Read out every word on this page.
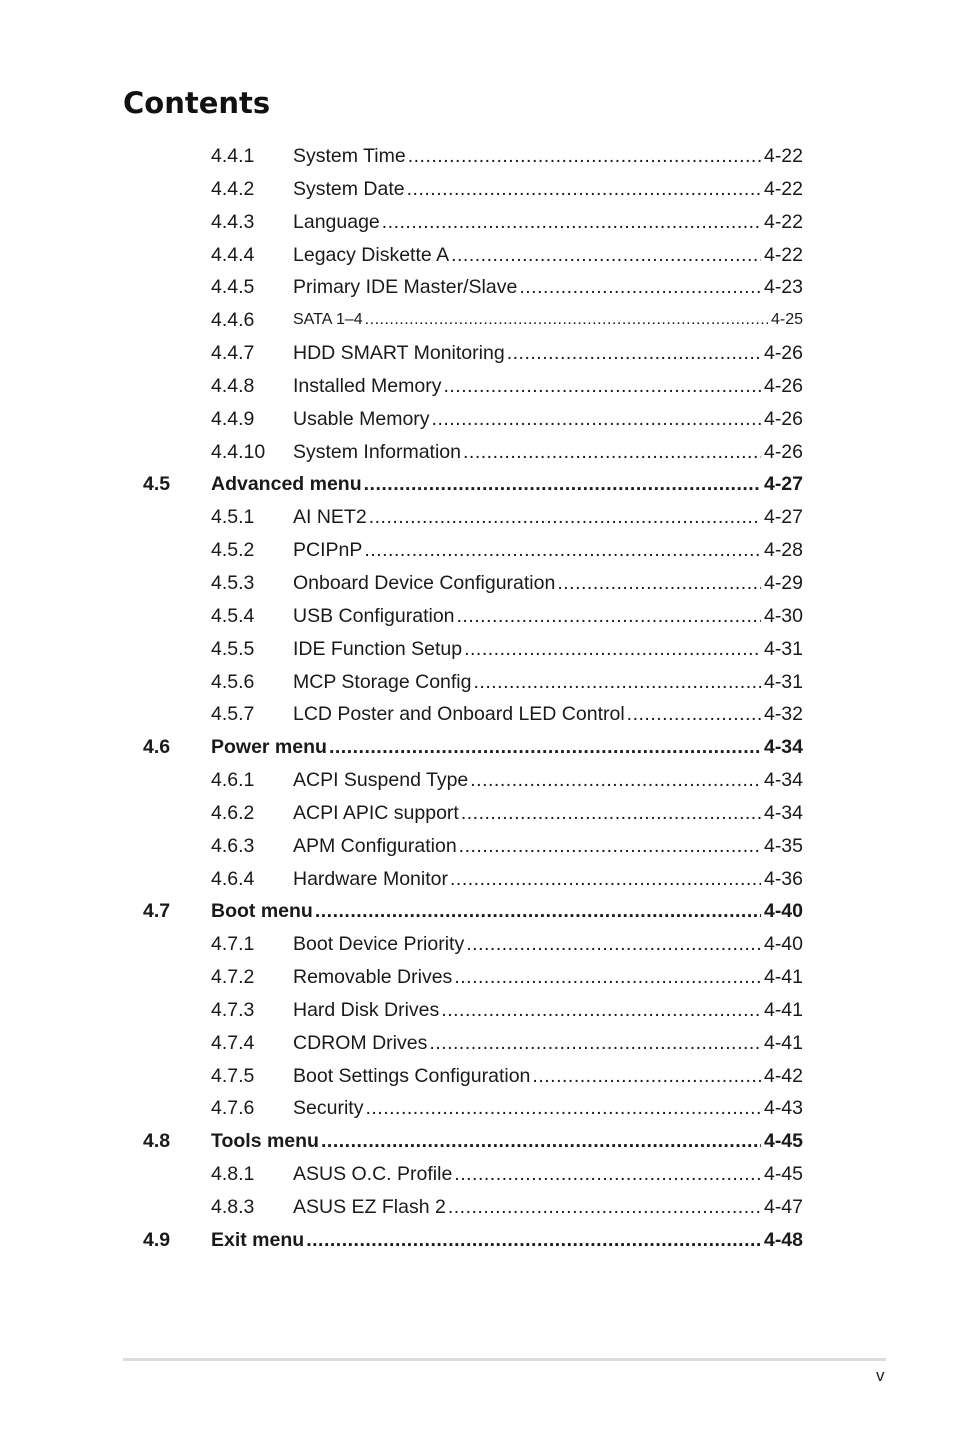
Contents
4.4.1 System Time .....	4-22
4.4.2 System Date .....	4-22
4.4.3 Language .....	4-22
4.4.4 Legacy Diskette A .....	4-22
4.4.5 Primary IDE Master/Slave .....	4-23
4.4.6 SATA 1–4 .....	4-25
4.4.7 HDD SMART Monitoring .....	4-26
4.4.8 Installed Memory .....	4-26
4.4.9 Usable Memory .....	4-26
4.4.10 System Information .....	4-26
4.5 Advanced menu .....	4-27
4.5.1 AI NET2 .....	4-27
4.5.2 PCIPnP .....	4-28
4.5.3 Onboard Device Configuration .....	4-29
4.5.4 USB Configuration .....	4-30
4.5.5 IDE Function Setup .....	4-31
4.5.6 MCP Storage Config .....	4-31
4.5.7 LCD Poster and Onboard LED Control .....	4-32
4.6 Power menu .....	4-34
4.6.1 ACPI Suspend Type .....	4-34
4.6.2 ACPI APIC support .....	4-34
4.6.3 APM Configuration .....	4-35
4.6.4 Hardware Monitor .....	4-36
4.7 Boot menu .....	4-40
4.7.1 Boot Device Priority .....	4-40
4.7.2 Removable Drives .....	4-41
4.7.3 Hard Disk Drives .....	4-41
4.7.4 CDROM Drives .....	4-41
4.7.5 Boot Settings Configuration .....	4-42
4.7.6 Security .....	4-43
4.8 Tools menu .....	4-45
4.8.1 ASUS O.C. Profile .....	4-45
4.8.3 ASUS EZ Flash 2 .....	4-47
4.9 Exit menu .....	4-48
v
